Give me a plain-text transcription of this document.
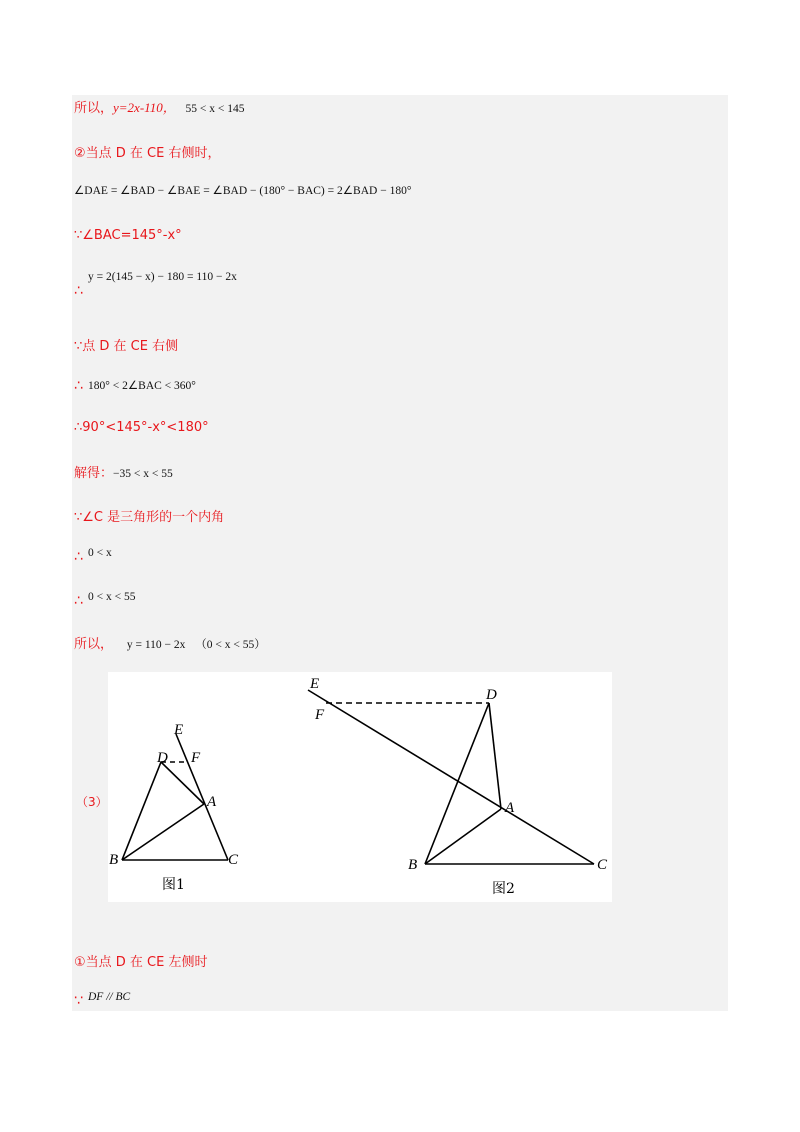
所以，y=2x-110， 55 < x < 145
②当点 D 在 CE 右侧时，
∠DAE = ∠BAD − ∠BAE = ∠BAD − (180° − BAC) = 2∠BAD − 180°
∵∠BAC=145°-x°
y = 2(145 − x) − 180 = 110 − 2x
∴
∵点 D 在 CE 右侧
∴ 180° < 2∠BAC < 360°
∴90°<145°-x°<180°
解得：−35 < x < 55
∵∠C 是三角形的一个内角
∴ 0 < x
∴ 0 < x < 55
所以， y = 110 − 2x （0 < x < 55）
（3）
E
D F
A
B	C
图1
E
F
D
A
B	C
图2
①当点 D 在 CE 左侧时
∵ DF // BC
